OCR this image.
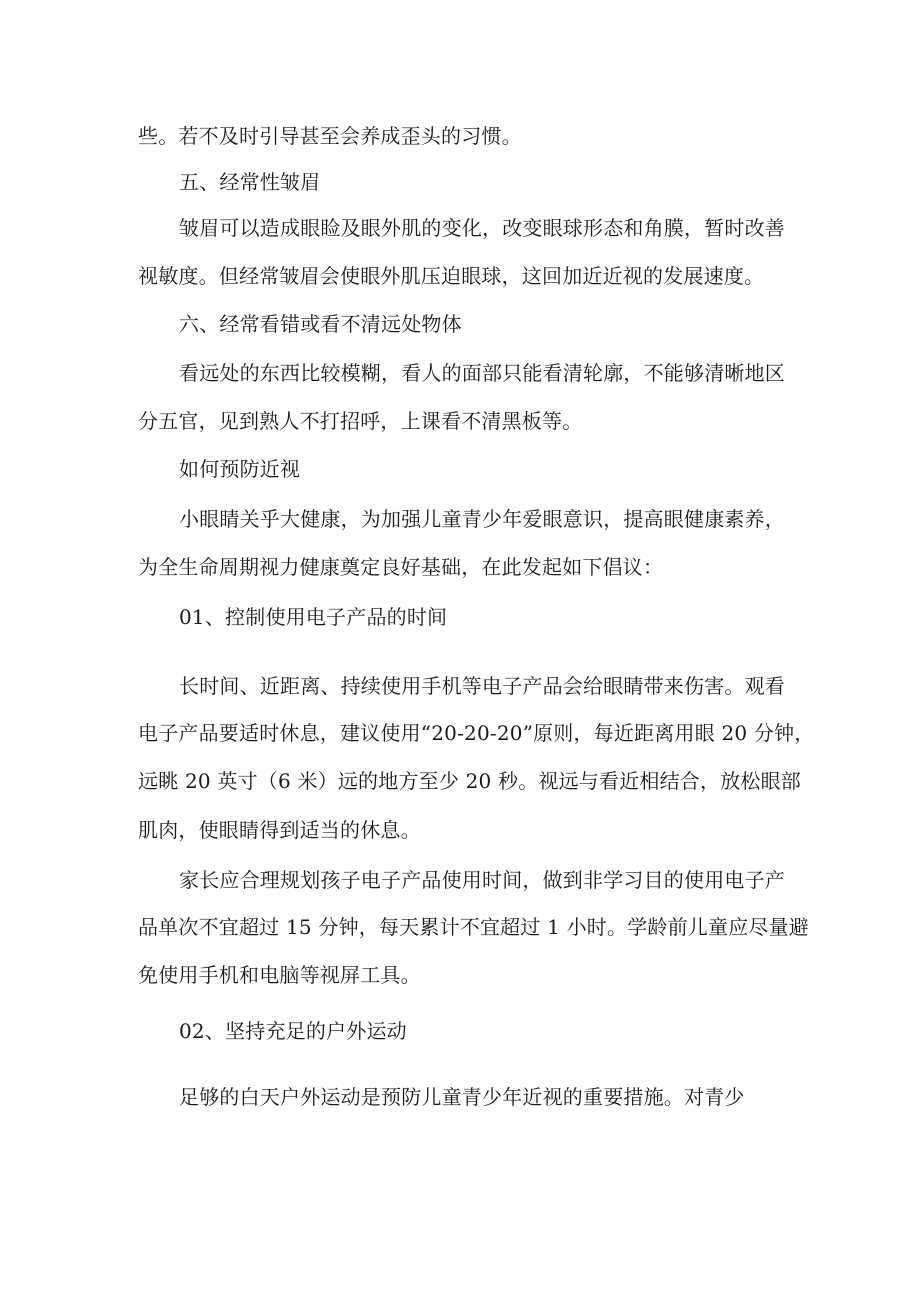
些。若不及时引导甚至会养成歪头的习惯。
五、经常性皱眉
皱眉可以造成眼睑及眼外肌的变化，改变眼球形态和角膜，暂时改善
视敏度。但经常皱眉会使眼外肌压迫眼球，这回加近近视的发展速度。
六、经常看错或看不清远处物体
看远处的东西比较模糊，看人的面部只能看清轮廓，不能够清晰地区
分五官，见到熟人不打招呼，上课看不清黑板等。
如何预防近视
小眼睛关乎大健康，为加强儿童青少年爱眼意识，提高眼健康素养，
为全生命周期视力健康奠定良好基础，在此发起如下倡议：
01、控制使用电子产品的时间
长时间、近距离、持续使用手机等电子产品会给眼睛带来伤害。观看
电子产品要适时休息，建议使用“20-20-20”原则，每近距离用眼 20 分钟，
远眺 20 英寸（6 米）远的地方至少 20 秒。视远与看近相结合，放松眼部
肌肉，使眼睛得到适当的休息。
家长应合理规划孩子电子产品使用时间，做到非学习目的使用电子产
品单次不宜超过 15 分钟，每天累计不宜超过 1 小时。学龄前儿童应尽量避
免使用手机和电脑等视屏工具。
02、坚持充足的户外运动
足够的白天户外运动是预防儿童青少年近视的重要措施。对青少
